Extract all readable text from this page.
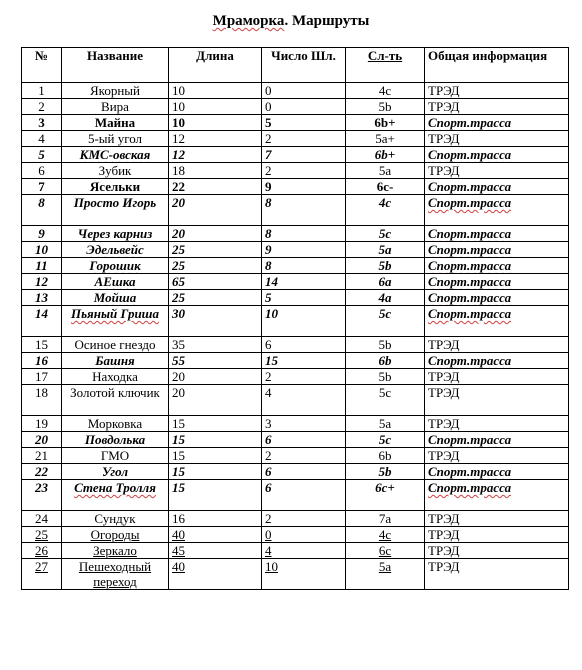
Мраморка. Маршруты
№	Название	Длина	Число Шл.	Сл-ть	Общая информация
1	Якорный	10	0	4c	ТРЭД
2	Вира	10	0	5b	ТРЭД
3	Майна	10	5	6b+	Спорт.трасса
4	5-ый угол	12	2	5a+	ТРЭД
5	КМС-овская	12	7	6b+	Спорт.трасса
6	Зубик	18	2	5a	ТРЭД
7	Ясельки	22	9	6c-	Спорт.трасса
8	Просто Игорь	20	8	4c	Спорт.трасса
9	Через карниз	20	8	5c	Спорт.трасса
10	Эдельвейс	25	9	5a	Спорт.трасса
11	Горошик	25	8	5b	Спорт.трасса
12	АЕшка	65	14	6a	Спорт.трасса
13	Мойша	25	5	4a	Спорт.трасса
14	Пьяный Гриша	30	10	5c	Спорт.трасса
15	Осиное гнездо	35	6	5b	ТРЭД
16	Башня	55	15	6b	Спорт.трасса
17	Находка	20	2	5b	ТРЭД
18	Золотой ключик	20	4	5c	ТРЭД
19	Морковка	15	3	5a	ТРЭД
20	Повдолька	15	6	5c	Спорт.трасса
21	ГМО	15	2	6b	ТРЭД
22	Угол	15	6	5b	Спорт.трасса
23	Стена Тролля	15	6	6c+	Спорт.трасса
24	Сундук	16	2	7a	ТРЭД
25	Огороды	40	0	4c	ТРЭД
26	Зеркало	45	4	6c	ТРЭД
27	Пешеходный переход	40	10	5a	ТРЭД
